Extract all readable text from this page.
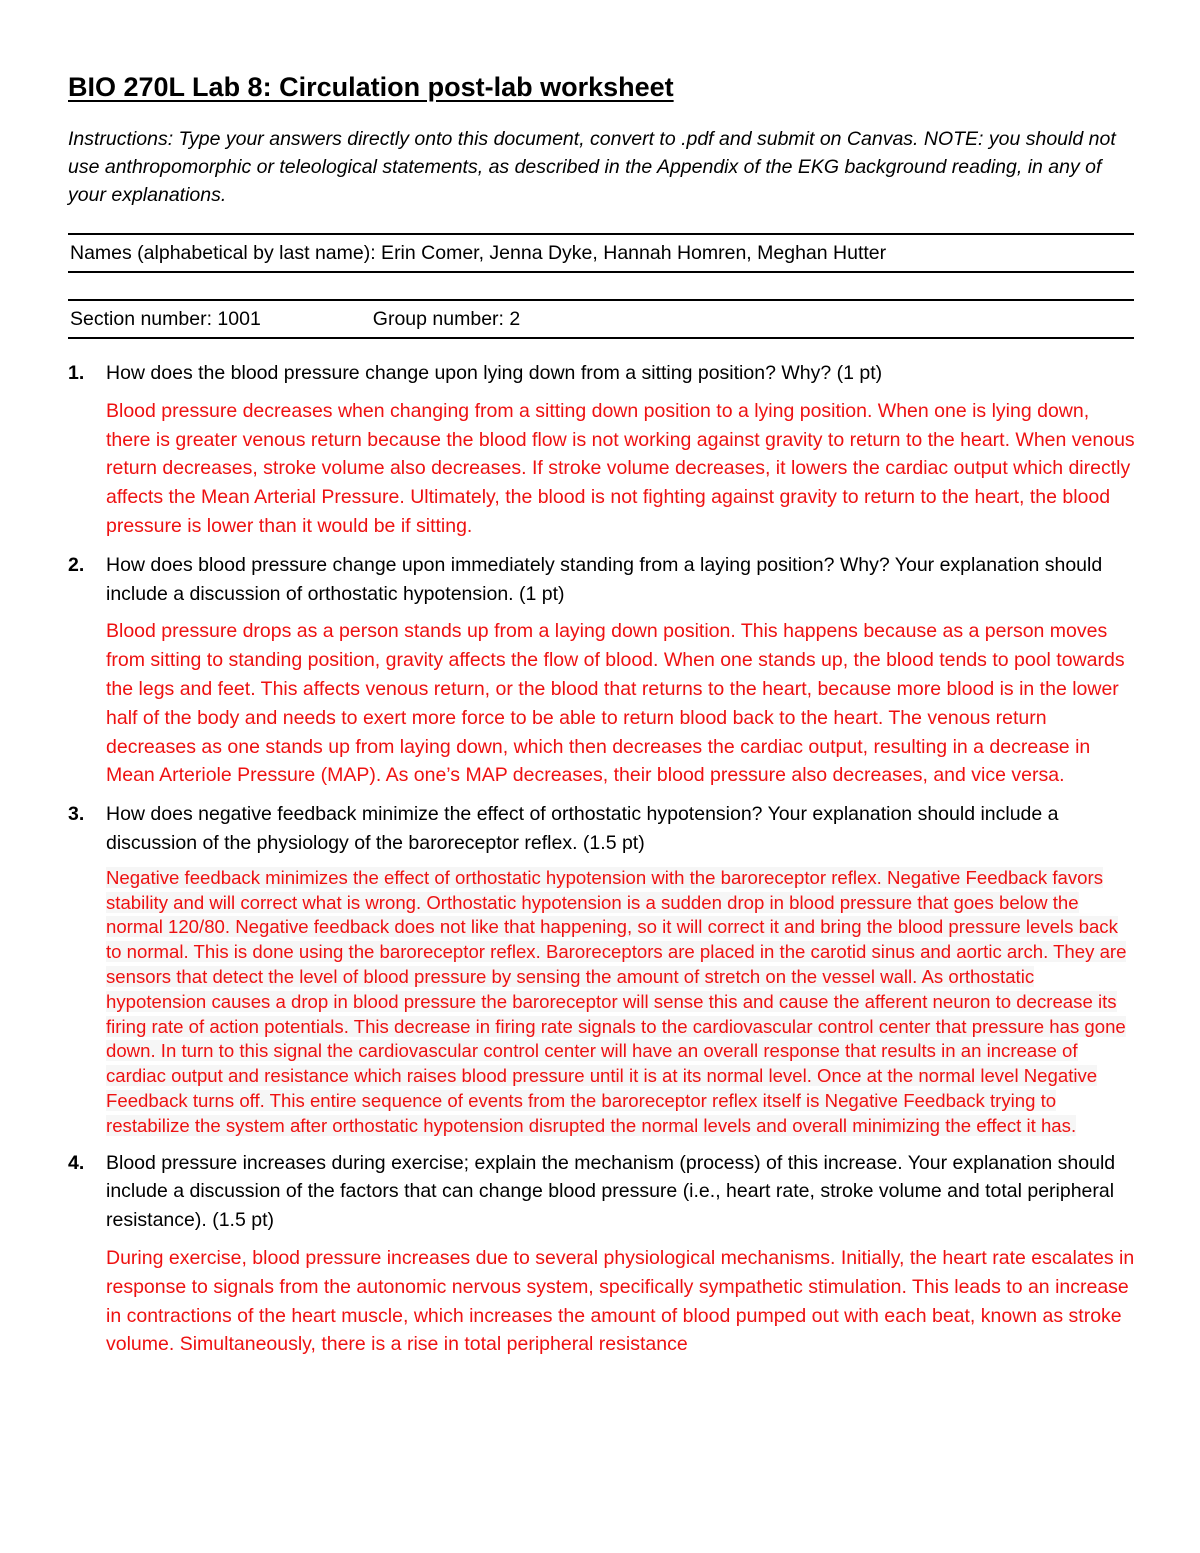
BIO 270L Lab 8: Circulation post-lab worksheet

Instructions: Type your answers directly onto this document, convert to .pdf and submit on Canvas. NOTE: you should not use anthropomorphic or teleological statements, as described in the Appendix of the EKG background reading, in any of your explanations.

Names (alphabetical by last name): Erin Comer, Jenna Dyke, Hannah Homren, Meghan Hutter
Section number: 1001	Group number: 2
1.	How does the blood pressure change upon lying down from a sitting position? Why? (1 pt)
Blood pressure decreases when changing from a sitting down position to a lying position. When one is lying down, there is greater venous return because the blood flow is not working against gravity to return to the heart. When venous return decreases, stroke volume also decreases. If stroke volume decreases, it lowers the cardiac output which directly affects the Mean Arterial Pressure. Ultimately, the blood is not fighting against gravity to return to the heart, the blood pressure is lower than it would be if sitting.
2.	How does blood pressure change upon immediately standing from a laying position? Why? Your explanation should include a discussion of orthostatic hypotension. (1 pt)
Blood pressure drops as a person stands up from a laying down position. This happens because as a person moves from sitting to standing position, gravity affects the flow of blood. When one stands up, the blood tends to pool towards the legs and feet. This affects venous return, or the blood that returns to the heart, because more blood is in the lower half of the body and needs to exert more force to be able to return blood back to the heart. The venous return decreases as one stands up from laying down, which then decreases the cardiac output, resulting in a decrease in Mean Arteriole Pressure (MAP). As one’s MAP decreases, their blood pressure also decreases, and vice versa.
3.	How does negative feedback minimize the effect of orthostatic hypotension? Your explanation should include a discussion of the physiology of the baroreceptor reflex. (1.5 pt)
Negative feedback minimizes the effect of orthostatic hypotension with the baroreceptor reflex. Negative Feedback favors stability and will correct what is wrong. Orthostatic hypotension is a sudden drop in blood pressure that goes below the normal 120/80. Negative feedback does not like that happening, so it will correct it and bring the blood pressure levels back to normal. This is done using the baroreceptor reflex. Baroreceptors are placed in the carotid sinus and aortic arch. They are sensors that detect the level of blood pressure by sensing the amount of stretch on the vessel wall. As orthostatic hypotension causes a drop in blood pressure the baroreceptor will sense this and cause the afferent neuron to decrease its firing rate of action potentials. This decrease in firing rate signals to the cardiovascular control center that pressure has gone down. In turn to this signal the cardiovascular control center will have an overall response that results in an increase of cardiac output and resistance which raises blood pressure until it is at its normal level. Once at the normal level Negative Feedback turns off. This entire sequence of events from the baroreceptor reflex itself is Negative Feedback trying to restabilize the system after orthostatic hypotension disrupted the normal levels and overall minimizing the effect it has.
4.	Blood pressure increases during exercise; explain the mechanism (process) of this increase. Your explanation should include a discussion of the factors that can change blood pressure (i.e., heart rate, stroke volume and total peripheral resistance). (1.5 pt)
During exercise, blood pressure increases due to several physiological mechanisms. Initially, the heart rate escalates in response to signals from the autonomic nervous system, specifically sympathetic stimulation. This leads to an increase in contractions of the heart muscle, which increases the amount of blood pumped out with each beat, known as stroke volume. Simultaneously, there is a rise in total peripheral resistance
